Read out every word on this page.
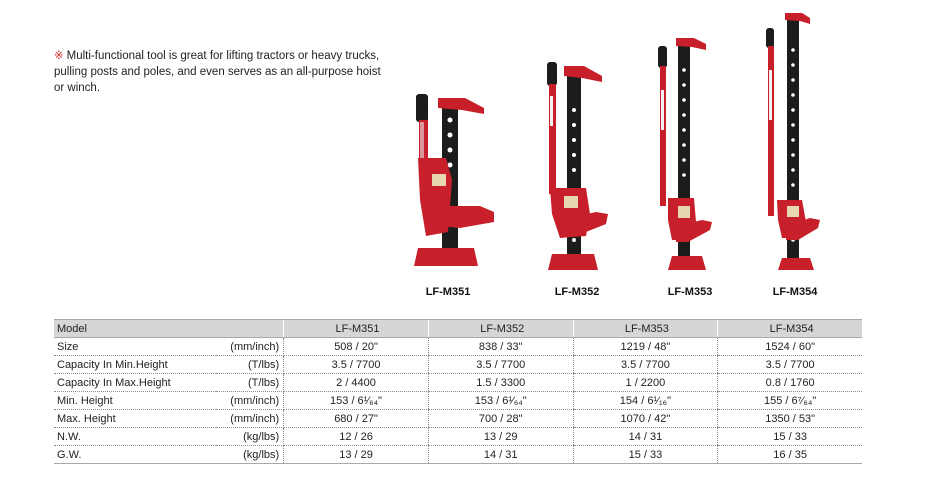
※ Multi-functional tool is great for lifting tractors or heavy trucks, pulling posts and poles, and even serves as an all-purpose hoist or winch.
LF-M351	LF-M352	LF-M353	LF-M354
Model		LF-M351	LF-M352	LF-M353	LF-M354
Size	(mm/inch)	508 / 20"	838 / 33"	1219 / 48"	1524 / 60"
Capacity In Min.Height	(T/lbs)	3.5 / 7700	3.5 / 7700	3.5 / 7700	3.5 / 7700
Capacity In Max.Height	(T/lbs)	2 / 4400	1.5 / 3300	1 / 2200	0.8 / 1760
Min. Height	(mm/inch)	153 / 6¹⁄₆₄"	153 / 6¹⁄₆₄"	154 / 6¹⁄₁₆"	155 / 6⁷⁄₆₄"
Max. Height	(mm/inch)	680 / 27"	700 / 28"	1070 / 42"	1350 / 53"
N.W.	(kg/lbs)	12 / 26	13 / 29	14 / 31	15 / 33
G.W.	(kg/lbs)	13 / 29	14 / 31	15 / 33	16 / 35
